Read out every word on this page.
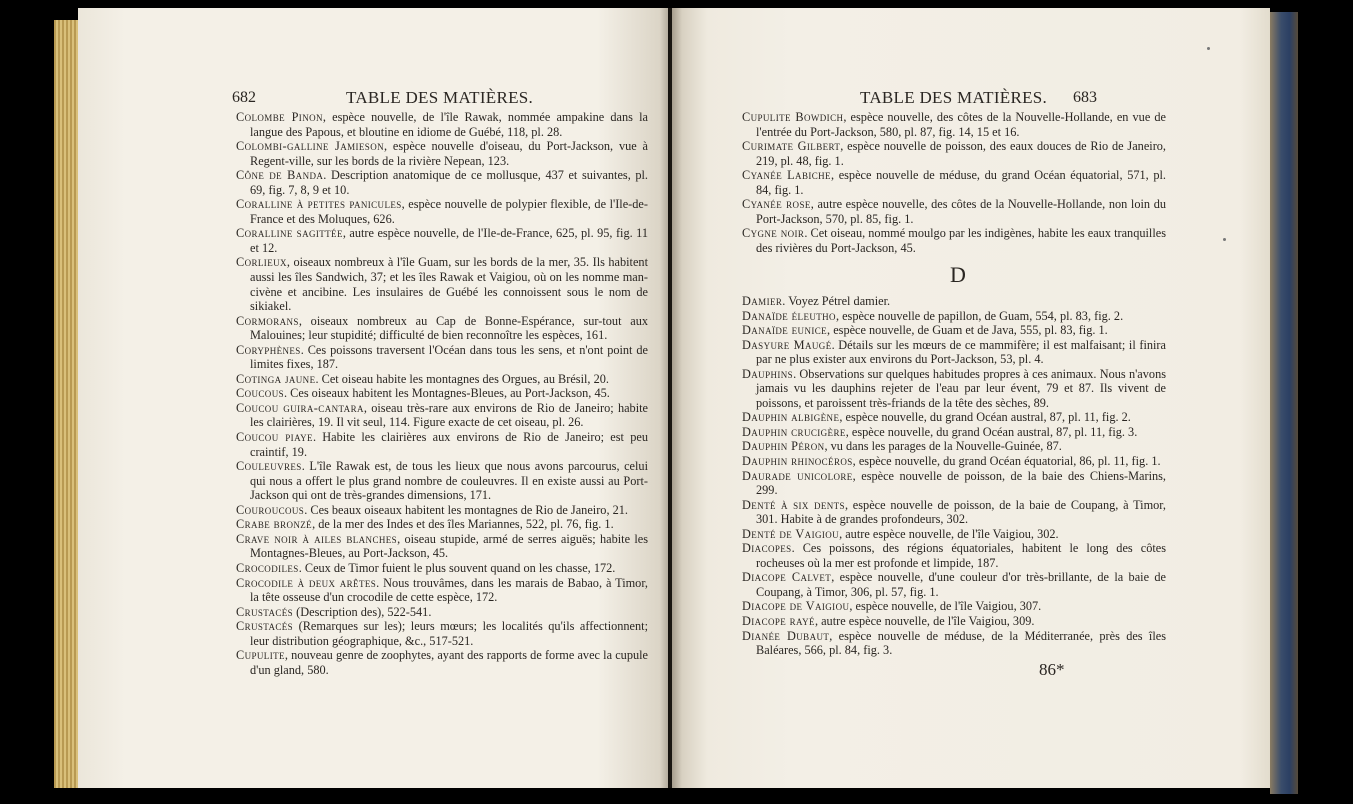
682	TABLE DES MATIÈRES.

Colombe Pinon, espèce nouvelle, de l'île Rawak, nommée ampakine dans la langue des Papous, et bloutine en idiome de Guébé, 118, pl. 28.

Colombi-galline Jamieson, espèce nouvelle d'oiseau, du Port-Jackson, vue à Regent-ville, sur les bords de la rivière Nepean, 123.

Cône de Banda. Description anatomique de ce mollusque, 437 et suivantes, pl. 69, fig. 7, 8, 9 et 10.

Coralline à petites panicules, espèce nouvelle de polypier flexible, de l'Ile-de-France et des Moluques, 626.

Coralline sagittée, autre espèce nouvelle, de l'Ile-de-France, 625, pl. 95, fig. 11 et 12.

Corlieux, oiseaux nombreux à l'île Guam, sur les bords de la mer, 35. Ils habitent aussi les îles Sandwich, 37; et les îles Rawak et Vaigiou, où on les nomme man-civène et ancibine. Les insulaires de Guébé les connoissent sous le nom de sikiakel.

Cormorans, oiseaux nombreux au Cap de Bonne-Espérance, sur-tout aux Malouines; leur stupidité; difficulté de bien reconnoître les espèces, 161.

Coryphènes. Ces poissons traversent l'Océan dans tous les sens, et n'ont point de limites fixes, 187.

Cotinga jaune. Cet oiseau habite les montagnes des Orgues, au Brésil, 20.

Coucous. Ces oiseaux habitent les Montagnes-Bleues, au Port-Jackson, 45.

Coucou guira-cantara, oiseau très-rare aux environs de Rio de Janeiro; habite les clairières, 19. Il vit seul, 114. Figure exacte de cet oiseau, pl. 26.

Coucou piaye. Habite les clairières aux environs de Rio de Janeiro; est peu craintif, 19.

Couleuvres. L'île Rawak est, de tous les lieux que nous avons parcourus, celui qui nous a offert le plus grand nombre de couleuvres. Il en existe aussi au Port-Jackson qui ont de très-grandes dimensions, 171.

Couroucous. Ces beaux oiseaux habitent les montagnes de Rio de Janeiro, 21.

Crabe bronzé, de la mer des Indes et des îles Mariannes, 522, pl. 76, fig. 1.

Crave noir à ailes blanches, oiseau stupide, armé de serres aiguës; habite les Montagnes-Bleues, au Port-Jackson, 45.

Crocodiles. Ceux de Timor fuient le plus souvent quand on les chasse, 172.

Crocodile à deux arêtes. Nous trouvâmes, dans les marais de Babao, à Timor, la tête osseuse d'un crocodile de cette espèce, 172.

Crustacés (Description des), 522-541.

Crustacés (Remarques sur les); leurs mœurs; les localités qu'ils affectionnent; leur distribution géographique, &c., 517-521.

Cupulite, nouveau genre de zoophytes, ayant des rapports de forme avec la cupule d'un gland, 580.

TABLE DES MATIÈRES. 683

Cupulite Bowdich, espèce nouvelle, des côtes de la Nouvelle-Hollande, en vue de l'entrée du Port-Jackson, 580, pl. 87, fig. 14, 15 et 16.

Curimate Gilbert, espèce nouvelle de poisson, des eaux douces de Rio de Janeiro, 219, pl. 48, fig. 1.

Cyanée Labiche, espèce nouvelle de méduse, du grand Océan équatorial, 571, pl. 84, fig. 1.

Cyanée rose, autre espèce nouvelle, des côtes de la Nouvelle-Hollande, non loin du Port-Jackson, 570, pl. 85, fig. 1.

Cygne noir. Cet oiseau, nommé moulgo par les indigènes, habite les eaux tranquilles des rivières du Port-Jackson, 45.

D

Damier. Voyez Pétrel damier.

Danaïde éleutho, espèce nouvelle de papillon, de Guam, 554, pl. 83, fig. 2.

Danaïde eunice, espèce nouvelle, de Guam et de Java, 555, pl. 83, fig. 1.

Dasyure Maugé. Détails sur les mœurs de ce mammifère; il est malfaisant; il finira par ne plus exister aux environs du Port-Jackson, 53, pl. 4.

Dauphins. Observations sur quelques habitudes propres à ces animaux. Nous n'avons jamais vu les dauphins rejeter de l'eau par leur évent, 79 et 87. Ils vivent de poissons, et paroissent très-friands de la tête des sèches, 89.

Dauphin albigène, espèce nouvelle, du grand Océan austral, 87, pl. 11, fig. 2.

Dauphin crucigère, espèce nouvelle, du grand Océan austral, 87, pl. 11, fig. 3.

Dauphin Péron, vu dans les parages de la Nouvelle-Guinée, 87.

Dauphin rhinocéros, espèce nouvelle, du grand Océan équatorial, 86, pl. 11, fig. 1.

Daurade unicolore, espèce nouvelle de poisson, de la baie des Chiens-Marins, 299.

Denté à six dents, espèce nouvelle de poisson, de la baie de Coupang, à Timor, 301. Habite à de grandes profondeurs, 302.

Denté de Vaigiou, autre espèce nouvelle, de l'île Vaigiou, 302.

Diacopes. Ces poissons, des régions équatoriales, habitent le long des côtes rocheuses où la mer est profonde et limpide, 187.

Diacope Calvet, espèce nouvelle, d'une couleur d'or très-brillante, de la baie de Coupang, à Timor, 306, pl. 57, fig. 1.

Diacope de Vaigiou, espèce nouvelle, de l'île Vaigiou, 307.

Diacope rayé, autre espèce nouvelle, de l'île Vaigiou, 309.

Dianée Dubaut, espèce nouvelle de méduse, de la Méditerranée, près des îles Baléares, 566, pl. 84, fig. 3.

86*
